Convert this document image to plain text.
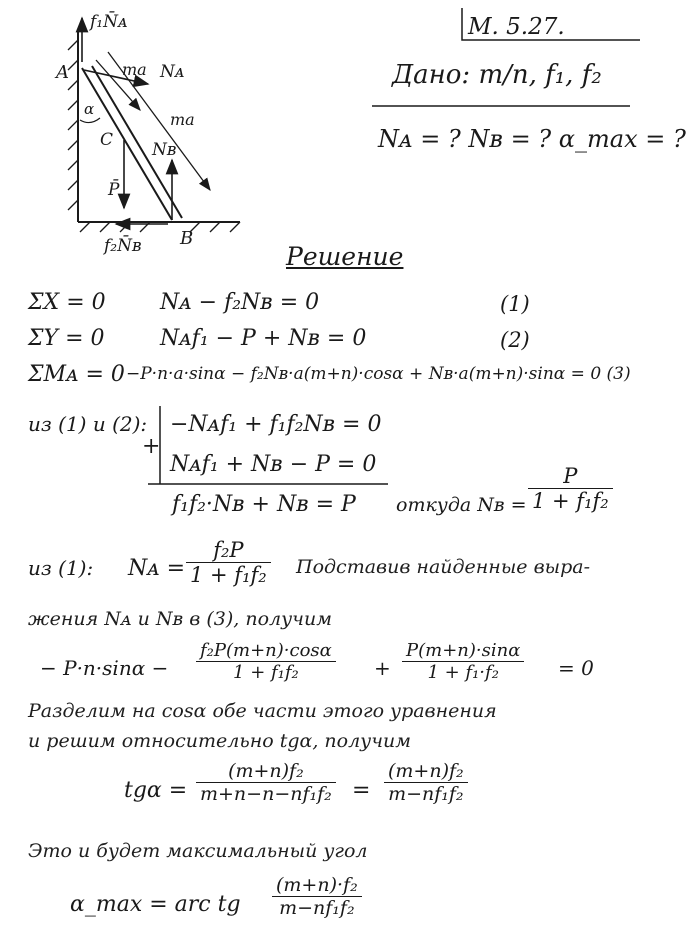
A
B
C
f₁N̄ᴀ
Nᴀ
Nʙ
P̄
f₂N̄ʙ
ma
ma
α
M. 5.27.
Дано: m/n, f₁, f₂
Nᴀ = ? Nʙ = ? α_max = ?
Решение
ΣX = 0 Nᴀ − f₂Nʙ = 0	(1)
ΣY = 0	Nᴀf₁ − P + Nʙ = 0	(2)
ΣMᴀ = 0 −P·n·a·sinα − f₂Nʙ·a(m+n)·cosα + Nʙ·a(m+n)·sinα = 0 (3)
из (1) и (2): −Nᴀf₁ + f₁f₂Nʙ = 0
+
Nᴀf₁ + Nʙ − P = 0
f₁f₂·Nʙ + Nʙ = P откуда Nʙ = $\frac{P}{\text{1 + f₁f₂}}$
из (1): Nᴀ = $\frac{\text{f₂P}}{\text{1 + f₁f₂}}$ Подставив найденные выра-
жения Nᴀ и Nʙ в (3), получим
− $P\cdot n\cdot\sin\alpha - \frac{\text{f₂P(m+n)·cosα}}{\text{1 + f₁f₂}} + \frac{P(m+n)\cdot\sin\alpha}{\text{1 + f₁·f₂}} = 0$
Разделим на cosα обе части этого уравнения
и решим относительно tgα, получим
$tg\alpha = \frac{\text{(m+n)f₂}}{\text{m+n−n−nf₁f₂}} = \frac{\text{(m+n)f₂}}{\text{m−nf₁f₂}}$
Это и будет максимальный угол
α_max = arc tg $\frac{\text{(m+n)·f₂}}{\text{m−nf₁f₂}}$
